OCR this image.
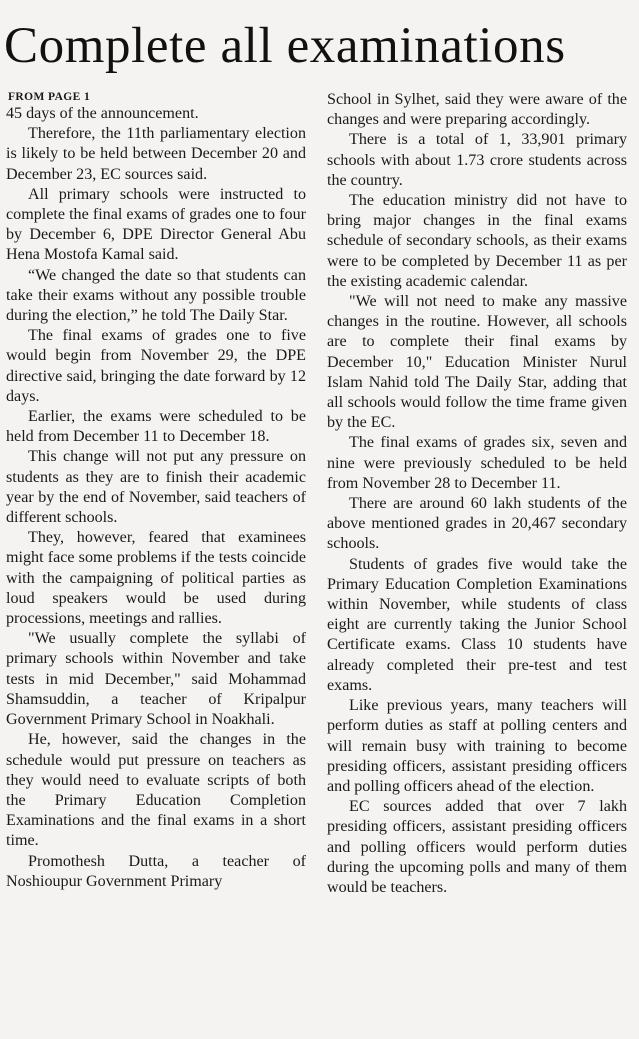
Complete all examinations
FROM PAGE 1

45 days of the announcement.

Therefore, the 11th parliamentary election is likely to be held between December 20 and December 23, EC sources said.

All primary schools were instructed to complete the final exams of grades one to four by December 6, DPE Director General Abu Hena Mostofa Kamal said.

“We changed the date so that students can take their exams without any possible trouble during the election,” he told The Daily Star.

The final exams of grades one to five would begin from November 29, the DPE directive said, bringing the date forward by 12 days.

Earlier, the exams were scheduled to be held from December 11 to December 18.

This change will not put any pressure on students as they are to finish their academic year by the end of November, said teachers of different schools.

They, however, feared that examinees might face some problems if the tests coincide with the campaigning of political parties as loud speakers would be used during processions, meetings and rallies.

"We usually complete the syllabi of primary schools within November and take tests in mid December," said Mohammad Shamsuddin, a teacher of Kripalpur Government Primary School in Noakhali.

He, however, said the changes in the schedule would put pressure on teachers as they would need to evaluate scripts of both the Primary Education Completion Examinations and the final exams in a short time.

Promothesh Dutta, a teacher of Noshioupur Government Primary

School in Sylhet, said they were aware of the changes and were preparing accordingly.

There is a total of 1, 33,901 primary schools with about 1.73 crore students across the country.

The education ministry did not have to bring major changes in the final exams schedule of secondary schools, as their exams were to be completed by December 11 as per the existing academic calendar.

"We will not need to make any massive changes in the routine. However, all schools are to complete their final exams by December 10," Education Minister Nurul Islam Nahid told The Daily Star, adding that all schools would follow the time frame given by the EC.

The final exams of grades six, seven and nine were previously scheduled to be held from November 28 to December 11.

There are around 60 lakh students of the above mentioned grades in 20,467 secondary schools.

Students of grades five would take the Primary Education Completion Examinations within November, while students of class eight are currently taking the Junior School Certificate exams. Class 10 students have already completed their pre-test and test exams.

Like previous years, many teachers will perform duties as staff at polling centers and will remain busy with training to become presiding officers, assistant presiding officers and polling officers ahead of the election.

EC sources added that over 7 lakh presiding officers, assistant presiding officers and polling officers would perform duties during the upcoming polls and many of them would be teachers.
